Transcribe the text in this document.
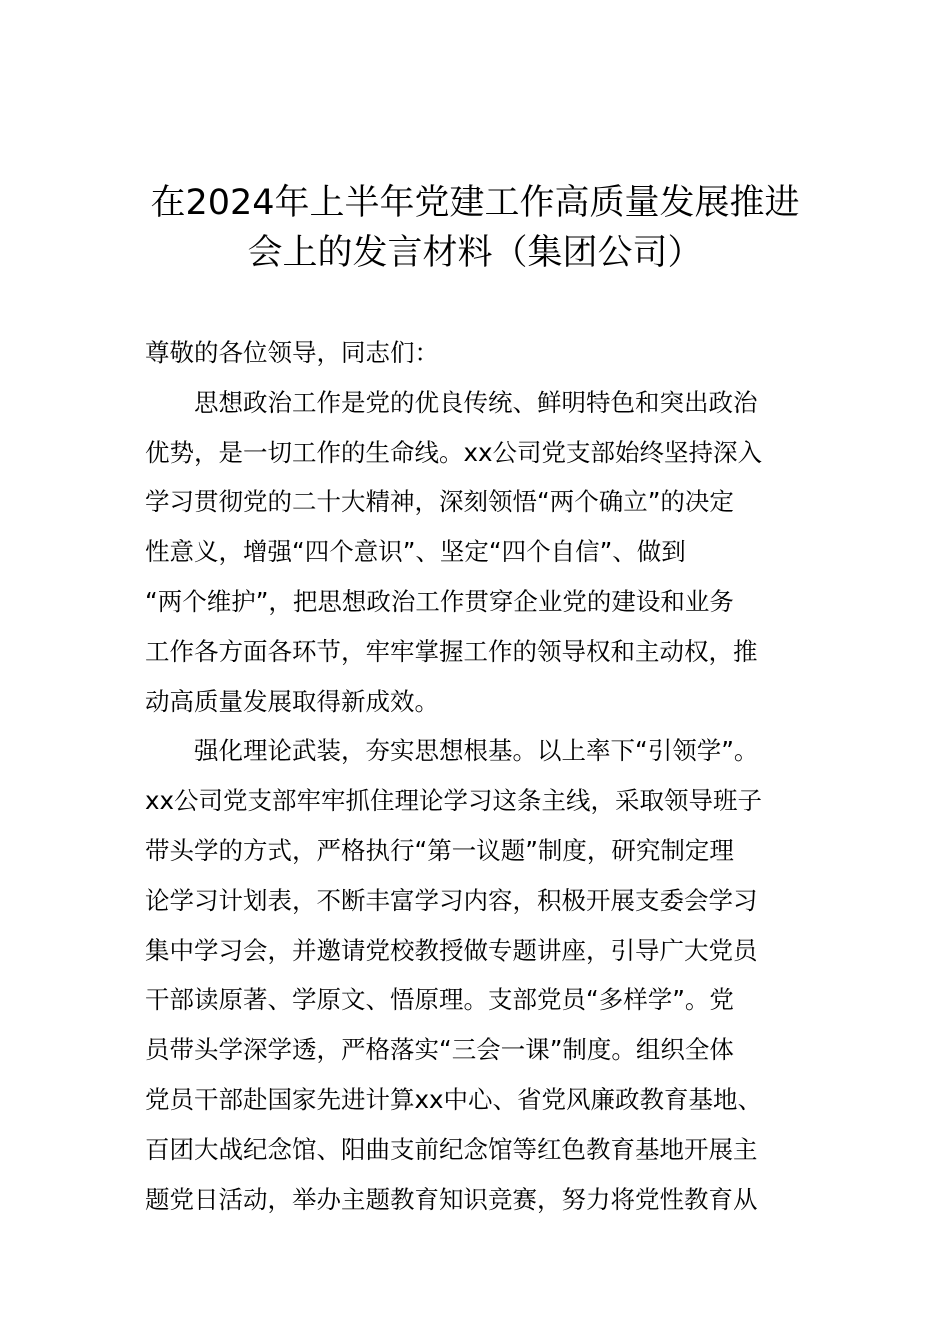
在2024年上半年党建工作高质量发展推进
会上的发言材料（集团公司）
尊敬的各位领导，同志们：
思想政治工作是党的优良传统、鲜明特色和突出政治
优势，是一切工作的生命线。xx公司党支部始终坚持深入
学习贯彻党的二十大精神，深刻领悟“两个确立”的决定
性意义，增强“四个意识”、坚定“四个自信”、做到
“两个维护”，把思想政治工作贯穿企业党的建设和业务
工作各方面各环节，牢牢掌握工作的领导权和主动权，推
动高质量发展取得新成效。
强化理论武装，夯实思想根基。以上率下“引领学”。
xx公司党支部牢牢抓住理论学习这条主线，采取领导班子
带头学的方式，严格执行“第一议题”制度，研究制定理
论学习计划表，不断丰富学习内容，积极开展支委会学习
集中学习会，并邀请党校教授做专题讲座，引导广大党员
干部读原著、学原文、悟原理。支部党员“多样学”。党
员带头学深学透，严格落实“三会一课”制度。组织全体
党员干部赴国家先进计算xx中心、省党风廉政教育基地、
百团大战纪念馆、阳曲支前纪念馆等红色教育基地开展主
题党日活动，举办主题教育知识竞赛，努力将党性教育从
